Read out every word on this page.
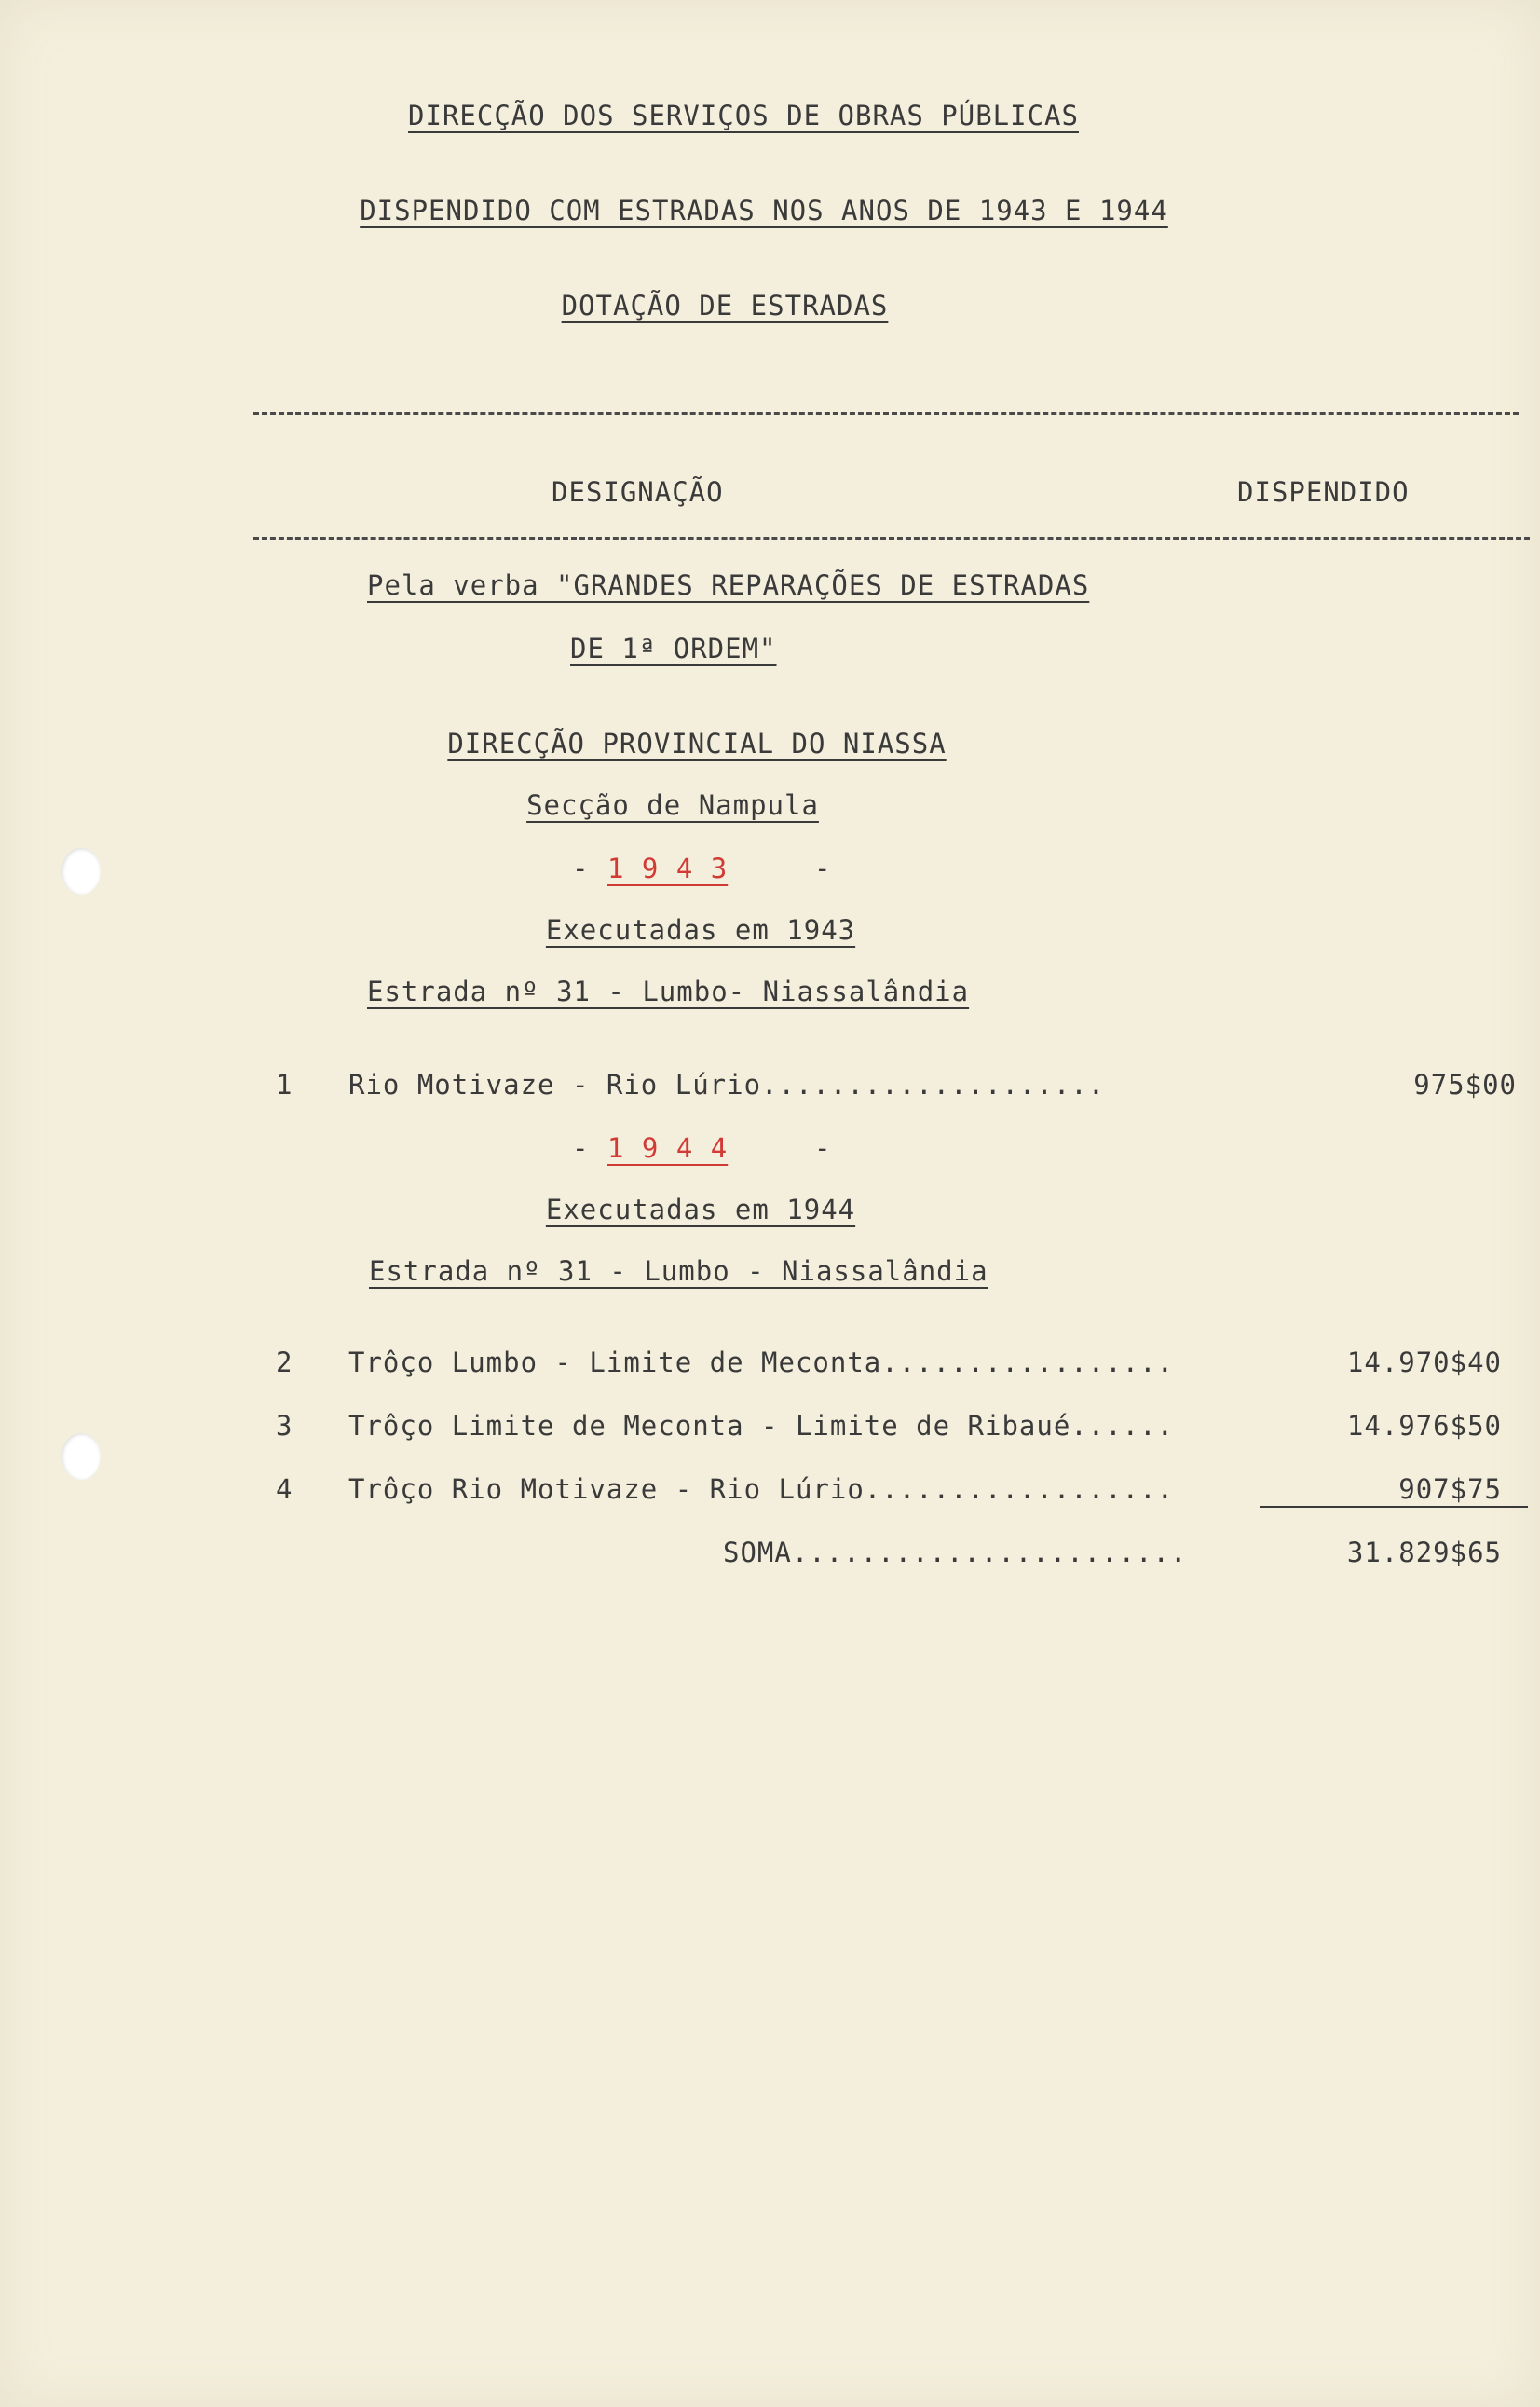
DIRECÇÃO DOS SERVIÇOS DE OBRAS PÚBLICAS
DISPENDIDO COM ESTRADAS NOS ANOS DE 1943 E 1944
DOTAÇÃO DE ESTRADAS
DESIGNAÇÃO	DISPENDIDO
Pela verba "GRANDES REPARAÇÕES DE ESTRADAS
DE 1ª ORDEM"
DIRECÇÃO PROVINCIAL DO NIASSA
Secção de Nampula
- 1 9 4 3	-
Executadas em 1943
Estrada nº 31 - Lumbo- Niassalândia
1 Rio Motivaze - Rio Lúrio....................	975$00
- 1 9 4 4	-
Executadas em 1944
Estrada nº 31 - Lumbo - Niassalândia
2 Trôço Lumbo - Limite de Meconta.................	14.970$40
3 Trôço Limite de Meconta - Limite de Ribaué......	14.976$50
4 Trôço Rio Motivaze - Rio Lúrio..................	907$75
SOMA.......................	31.829$65
